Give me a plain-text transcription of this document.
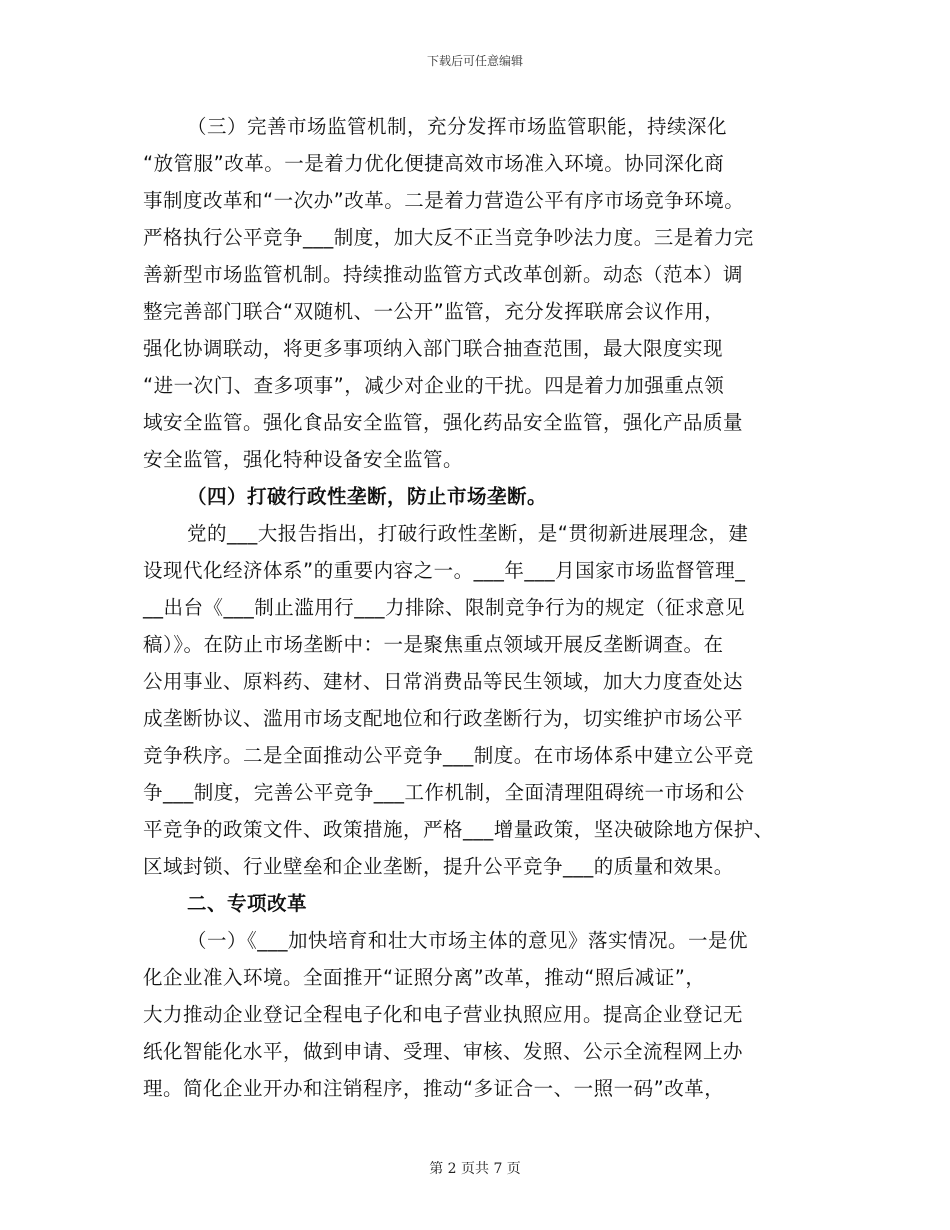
下载后可任意编辑
（三）完善市场监管机制，充分发挥市场监管职能，持续深化
“放管服”改革。一是着力优化便捷高效市场准入环境。协同深化商
事制度改革和“一次办”改革。二是着力营造公平有序市场竞争环境。
严格执行公平竞争___制度，加大反不正当竞争吵法力度。三是着力完
善新型市场监管机制。持续推动监管方式改革创新。动态（范本）调
整完善部门联合“双随机、一公开”监管，充分发挥联席会议作用，
强化协调联动，将更多事项纳入部门联合抽查范围，最大限度实现
“进一次门、查多项事”，减少对企业的干扰。四是着力加强重点领
域安全监管。强化食品安全监管，强化药品安全监管，强化产品质量
安全监管，强化特种设备安全监管。
（四）打破行政性垄断，防止市场垄断。
党的___大报告指出，打破行政性垄断，是“贯彻新进展理念，建
设现代化经济体系”的重要内容之一。___年___月国家市场监督管理_
__出台《___制止滥用行___力排除、限制竞争行为的规定（征求意见
稿）》。在防止市场垄断中：一是聚焦重点领域开展反垄断调查。在
公用事业、原料药、建材、日常消费品等民生领域，加大力度查处达
成垄断协议、滥用市场支配地位和行政垄断行为，切实维护市场公平
竞争秩序。二是全面推动公平竞争___制度。在市场体系中建立公平竞
争___制度，完善公平竞争___工作机制，全面清理阻碍统一市场和公
平竞争的政策文件、政策措施，严格___增量政策，坚决破除地方保护、
区域封锁、行业壁垒和企业垄断，提升公平竞争___的质量和效果。
二、专项改革
（一）《___加快培育和壮大市场主体的意见》落实情况。一是优
化企业准入环境。全面推开“证照分离”改革，推动“照后减证”，
大力推动企业登记全程电子化和电子营业执照应用。提高企业登记无
纸化智能化水平，做到申请、受理、审核、发照、公示全流程网上办
理。简化企业开办和注销程序，推动“多证合一、一照一码”改革，
第 2 页共 7 页
